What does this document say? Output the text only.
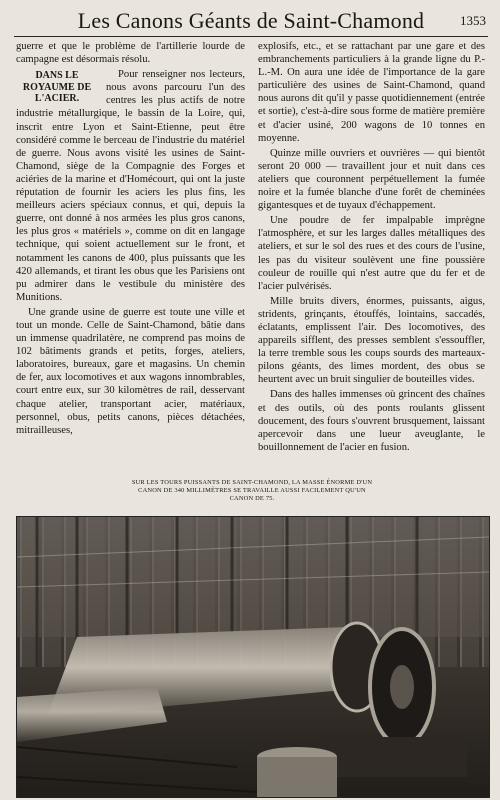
Les Canons Géants de Saint-Chamond	1353

guerre et que le problème de l'artillerie lourde de campagne est désormais résolu.

DANS LE ROYAUME DE L'ACIER.

Pour renseigner nos lecteurs, nous avons parcouru l'un des centres les plus actifs de notre industrie métallurgique, le bassin de la Loire, qui, inscrit entre Lyon et Saint-Etienne, peut être considéré comme le berceau de l'industrie du matériel de guerre. Nous avons visité les usines de Saint-Chamond, siège de la Compagnie des Forges et aciéries de la marine et d'Homécourt, qui ont la juste réputation de fournir les aciers les plus fins, les meilleurs aciers spéciaux connus, et qui, depuis la guerre, ont donné à nos armées les plus gros canons, les plus gros « matériels », comme on dit en langage technique, qui soient actuellement sur le front, et notamment les canons de 400, plus puissants que les 420 allemands, et tirant les obus que les Parisiens ont pu admirer dans le vestibule du ministère des Munitions.

Une grande usine de guerre est toute une ville et tout un monde. Celle de Saint-Chamond, bâtie dans un immense quadrilatère, ne comprend pas moins de 102 bâtiments grands et petits, forges, ateliers, laboratoires, bureaux, gare et magasins. Un chemin de fer, aux locomotives et aux wagons innombrables, court entre eux, sur 30 kilomètres de rail, desservant chaque atelier, transportant acier, matériaux, personnel, obus, petits canons, pièces détachées, mitrailleuses,

explosifs, etc., et se rattachant par une gare et des embranchements particuliers à la grande ligne du P.-L.-M. On aura une idée de l'importance de la gare particulière des usines de Saint-Chamond, quand nous aurons dit qu'il y passe quotidiennement (entrée et sortie), c'est-à-dire sous forme de matière première et d'acier usiné, 200 wagons de 10 tonnes en moyenne.

Quinze mille ouvriers et ouvrières — qui bientôt seront 20 000 — travaillent jour et nuit dans ces ateliers que couronnent perpétuellement la fumée noire et la fumée blanche d'une forêt de cheminées gigantesques et de tuyaux d'échappement.

Une poudre de fer impalpable imprègne l'atmosphère, et sur les larges dalles métalliques des ateliers, et sur le sol des rues et des cours de l'usine, les pas du visiteur soulèvent une fine poussière couleur de rouille qui n'est autre que du fer et de l'acier pulvérisés.

Mille bruits divers, énormes, puissants, aigus, stridents, grinçants, étouffés, lointains, saccadés, éclatants, emplissent l'air. Des locomotives, des appareils sifflent, des presses semblent s'essouffler, la terre tremble sous les coups sourds des marteaux-pilons géants, des limes mordent, des obus se heurtent avec un bruit singulier de bouteilles vides.

Dans des halles immenses où grincent des chaînes et des outils, où des ponts roulants glissent doucement, des fours s'ouvrent brusquement, laissant apercevoir dans une lueur aveuglante, le bouillonnement de l'acier en fusion.

SUR LES TOURS PUISSANTS DE SAINT-CHAMOND, LA MASSE ÉNORME D'UN CANON DE 340 MILLIMÈTRES SE TRAVAILLE AUSSI FACILEMENT QU'UN CANON DE 75.
